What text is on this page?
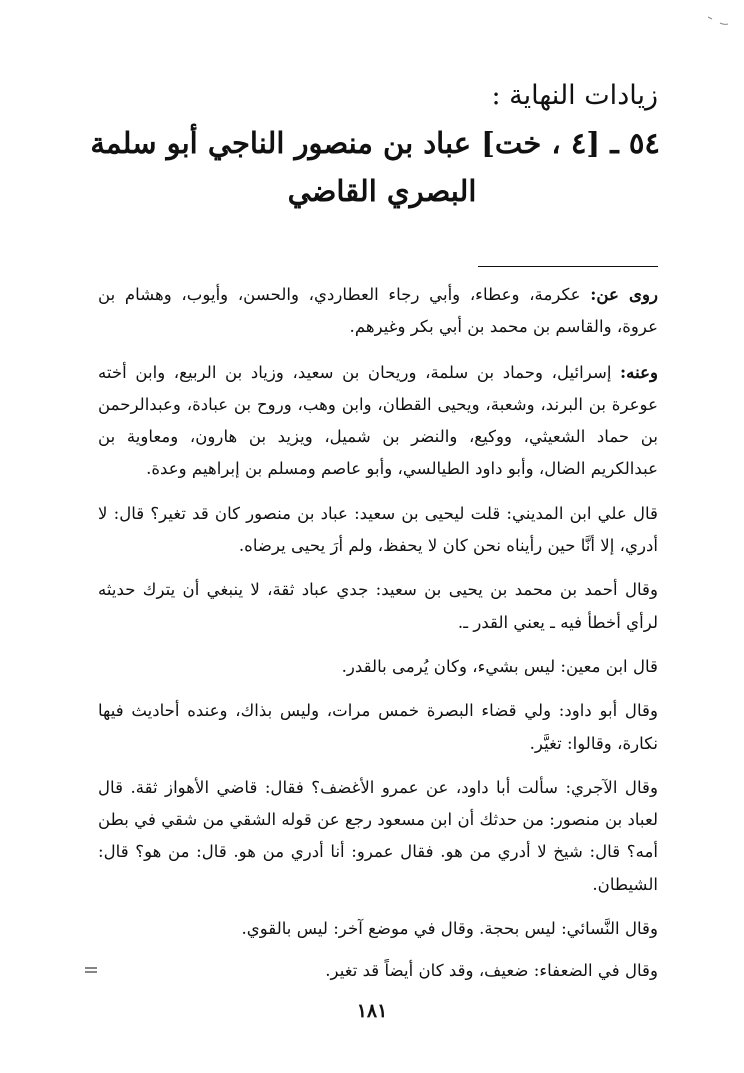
زيادات النهاية :
٥٤ ـ [٤ ، خت] عباد بن منصور الناجي أبو سلمة
البصري القاضي

روى عن: عكرمة، وعطاء، وأبي رجاء العطاردي، والحسن، وأيوب، وهشام بن عروة، والقاسم بن محمد بن أبي بكر وغيرهم.

وعنه: إسرائيل، وحماد بن سلمة، وريحان بن سعيد، وزياد بن الربيع، وابن أخته عوعرة بن البرند، وشعبة، ويحيى القطان، وابن وهب، وروح بن عبادة، وعبدالرحمن بن حماد الشعيثي، ووكيع، والنضر بن شميل، ويزيد بن هارون، ومعاوية بن عبدالكريم الضال، وأبو داود الطيالسي، وأبو عاصم ومسلم بن إبراهيم وعدة.

قال علي ابن المديني: قلت ليحيى بن سعيد: عباد بن منصور كان قد تغير؟ قال: لا أدري، إلا أنَّا حين رأيناه نحن كان لا يحفظ، ولم أرَ يحيى يرضاه.

وقال أحمد بن محمد بن يحيى بن سعيد: جدي عباد ثقة، لا ينبغي أن يترك حديثه لرأي أخطأ فيه ـ يعني القدر ـ.

قال ابن معين: ليس بشيء، وكان يُرمى بالقدر.

وقال أبو داود: ولي قضاء البصرة خمس مرات، وليس بذاك، وعنده أحاديث فيها نكارة، وقالوا: تغيَّر.

وقال الآجري: سألت أبا داود، عن عمرو الأغضف؟ فقال: قاضي الأهواز ثقة. قال لعباد بن منصور: من حدثك أن ابن مسعود رجع عن قوله الشقي من شقي في بطن أمه؟ قال: شيخ لا أدري من هو. فقال عمرو: أنا أدري من هو. قال: من هو؟ قال: الشيطان.

وقال النَّسائي: ليس بحجة. وقال في موضع آخر: ليس بالقوي.

وقال في الضعفاء: ضعيف، وقد كان أيضاً قد تغير.

١٨١
